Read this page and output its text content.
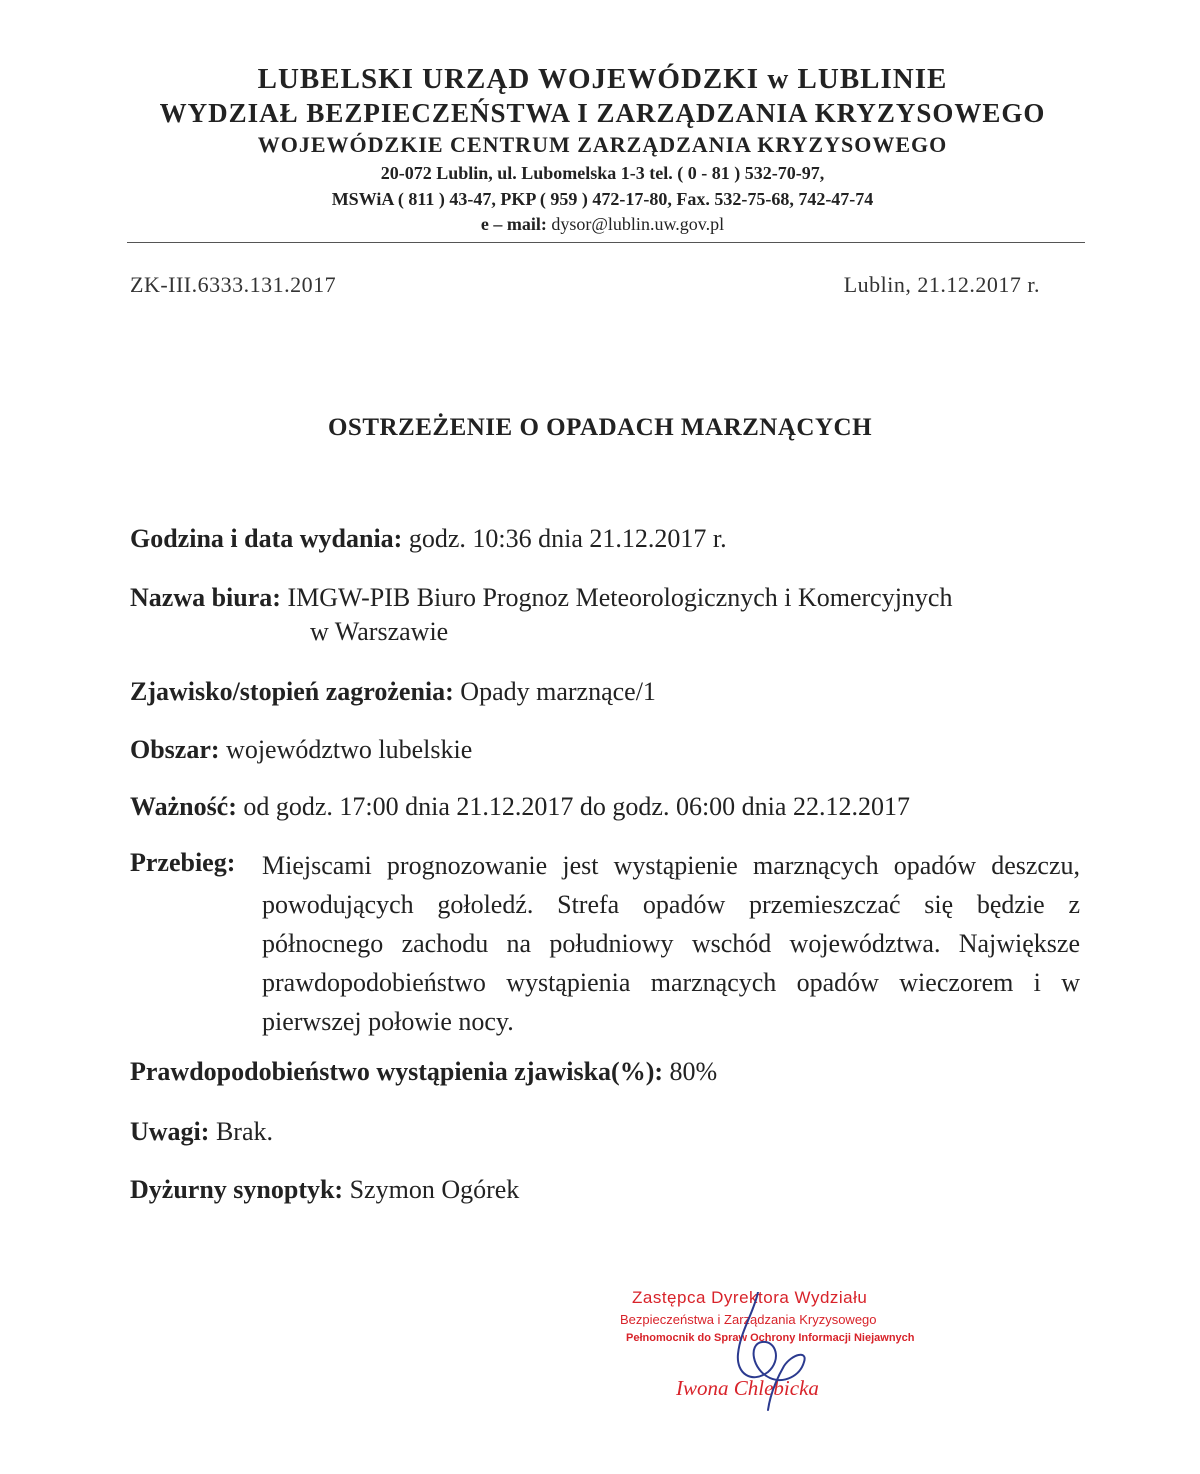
LUBELSKI URZĄD WOJEWÓDZKI w LUBLINIE
WYDZIAŁ BEZPIECZEŃSTWA I ZARZĄDZANIA KRYZYSOWEGO
WOJEWÓDZKIE CENTRUM ZARZĄDZANIA KRYZYSOWEGO
20-072 Lublin, ul. Lubomelska 1-3 tel. ( 0 - 81 ) 532-70-97,
MSWiA ( 811 ) 43-47, PKP ( 959 ) 472-17-80, Fax. 532-75-68, 742-47-74
e – mail: dysor@lublin.uw.gov.pl
ZK-III.6333.131.2017	Lublin, 21.12.2017 r.
OSTRZEŻENIE O OPADACH MARZNĄCYCH
Godzina i data wydania: godz. 10:36 dnia 21.12.2017 r.
Nazwa biura: IMGW-PIB Biuro Prognoz Meteorologicznych i Komercyjnych
w Warszawie
Zjawisko/stopień zagrożenia: Opady marznące/1
Obszar: województwo lubelskie
Ważność: od godz. 17:00 dnia 21.12.2017 do godz. 06:00 dnia 22.12.2017
Przebieg:	Miejscami prognozowanie jest wystąpienie marznących opadów deszczu, powodujących gołoledź. Strefa opadów przemieszczać się będzie z północnego zachodu na południowy wschód województwa. Największe prawdopodobieństwo wystąpienia marznących opadów wieczorem i w pierwszej połowie nocy.
Prawdopodobieństwo wystąpienia zjawiska(%): 80%
Uwagi: Brak.
Dyżurny synoptyk: Szymon Ogórek
Zastępca Dyrektora Wydziału
Bezpieczeństwa i Zarządzania Kryzysowego
Pełnomocnik do Spraw Ochrony Informacji Niejawnych
Iwona Chlebicka
